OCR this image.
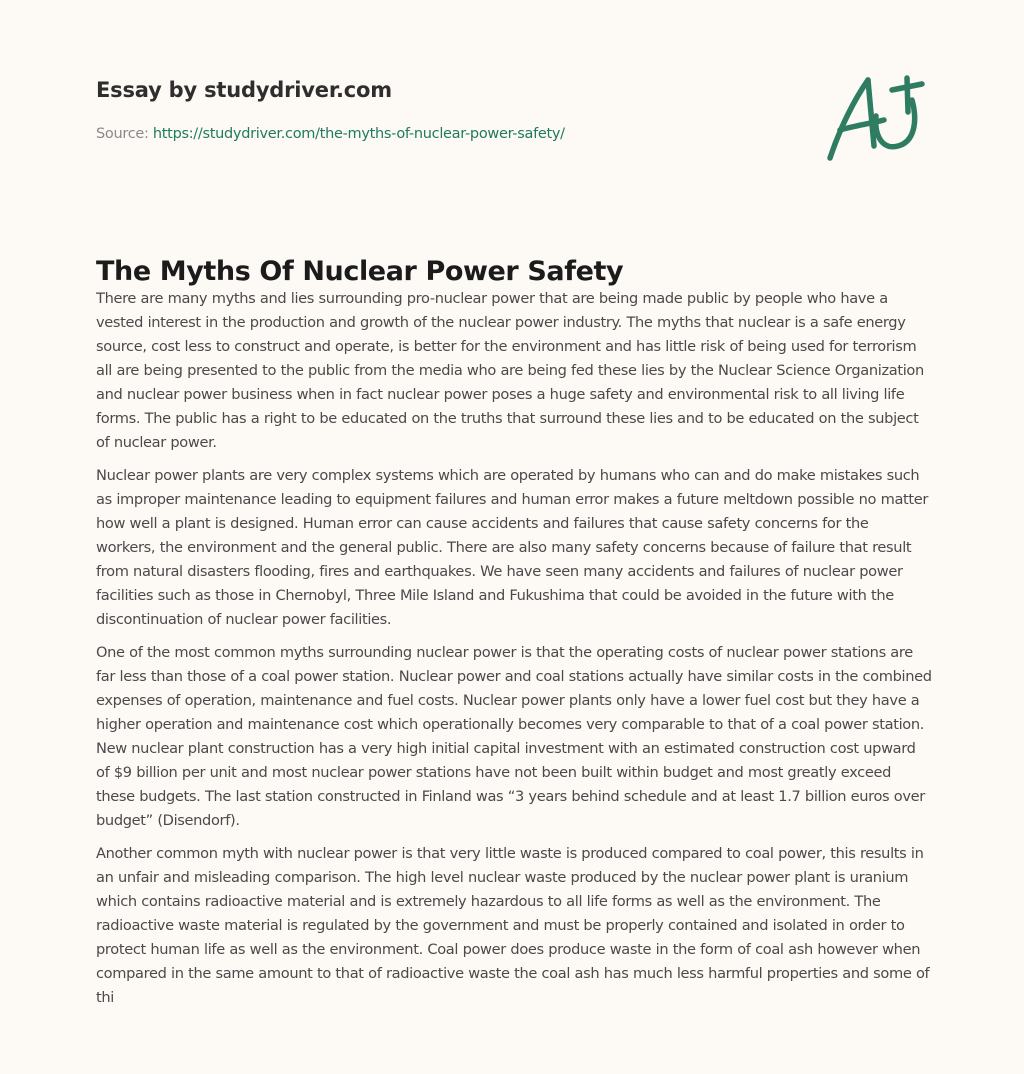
Essay by studydriver.com
Source: https://studydriver.com/the-myths-of-nuclear-power-safety/
The Myths Of Nuclear Power Safety

There are many myths and lies surrounding pro-nuclear power that are being made public by people who have a vested interest in the production and growth of the nuclear power industry. The myths that nuclear is a safe energy source, cost less to construct and operate, is better for the environment and has little risk of being used for terrorism all are being presented to the public from the media who are being fed these lies by the Nuclear Science Organization and nuclear power business when in fact nuclear power poses a huge safety and environmental risk to all living life forms. The public has a right to be educated on the truths that surround these lies and to be educated on the subject of nuclear power.

Nuclear power plants are very complex systems which are operated by humans who can and do make mistakes such as improper maintenance leading to equipment failures and human error makes a future meltdown possible no matter how well a plant is designed. Human error can cause accidents and failures that cause safety concerns for the workers, the environment and the general public. There are also many safety concerns because of failure that result from natural disasters flooding, fires and earthquakes. We have seen many accidents and failures of nuclear power facilities such as those in Chernobyl, Three Mile Island and Fukushima that could be avoided in the future with the discontinuation of nuclear power facilities.

One of the most common myths surrounding nuclear power is that the operating costs of nuclear power stations are far less than those of a coal power station. Nuclear power and coal stations actually have similar costs in the combined expenses of operation, maintenance and fuel costs. Nuclear power plants only have a lower fuel cost but they have a higher operation and maintenance cost which operationally becomes very comparable to that of a coal power station. New nuclear plant construction has a very high initial capital investment with an estimated construction cost upward of $9 billion per unit and most nuclear power stations have not been built within budget and most greatly exceed these budgets. The last station constructed in Finland was “3 years behind schedule and at least 1.7 billion euros over budget” (Disendorf).

Another common myth with nuclear power is that very little waste is produced compared to coal power, this results in an unfair and misleading comparison. The high level nuclear waste produced by the nuclear power plant is uranium which contains radioactive material and is extremely hazardous to all life forms as well as the environment. The radioactive waste material is regulated by the government and must be properly contained and isolated in order to protect human life as well as the environment. Coal power does produce waste in the form of coal ash however when compared in the same amount to that of radioactive waste the coal ash has much less harmful properties and some of thi
